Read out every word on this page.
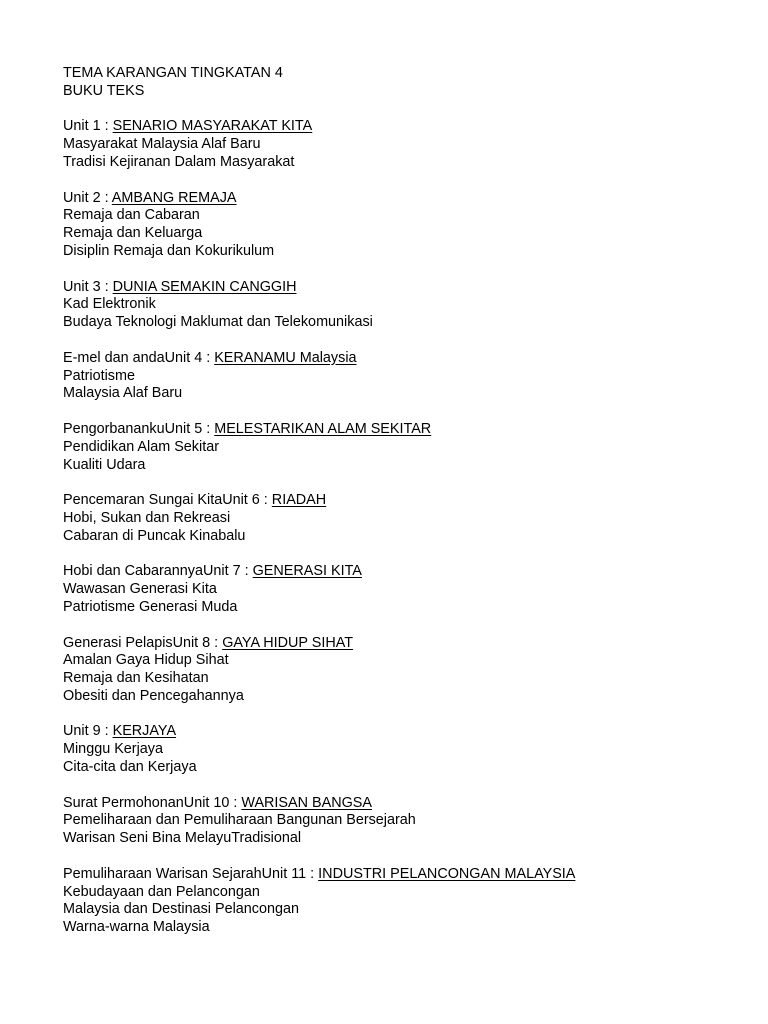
TEMA KARANGAN TINGKATAN 4
BUKU TEKS
Unit 1 : SENARIO MASYARAKAT KITA
Masyarakat Malaysia Alaf Baru
Tradisi Kejiranan Dalam Masyarakat
Unit 2 : AMBANG REMAJA
Remaja dan Cabaran
Remaja dan Keluarga
Disiplin Remaja dan Kokurikulum
Unit 3 : DUNIA SEMAKIN CANGGIH
Kad Elektronik
Budaya Teknologi Maklumat dan Telekomunikasi
E-mel dan andaUnit 4 : KERANAMU Malaysia
Patriotisme
Malaysia Alaf Baru
PengorbanankuUnit 5 : MELESTARIKAN ALAM SEKITAR
Pendidikan Alam Sekitar
Kualiti Udara
Pencemaran Sungai KitaUnit 6 : RIADAH
Hobi, Sukan dan Rekreasi
Cabaran di Puncak Kinabalu
Hobi dan CabarannyaUnit 7 : GENERASI KITA
Wawasan Generasi Kita
Patriotisme Generasi Muda
Generasi PelapisUnit 8 : GAYA HIDUP SIHAT
Amalan Gaya Hidup Sihat
Remaja dan Kesihatan
Obesiti dan Pencegahannya
Unit 9 : KERJAYA
Minggu Kerjaya
Cita-cita dan Kerjaya
Surat PermohonanUnit 10 : WARISAN BANGSA
Pemeliharaan dan Pemuliharaan Bangunan Bersejarah
Warisan Seni Bina MelayuTradisional
Pemuliharaan Warisan SejarahUnit 11 : INDUSTRI PELANCONGAN MALAYSIA
Kebudayaan dan Pelancongan
Malaysia dan Destinasi Pelancongan
Warna-warna Malaysia
